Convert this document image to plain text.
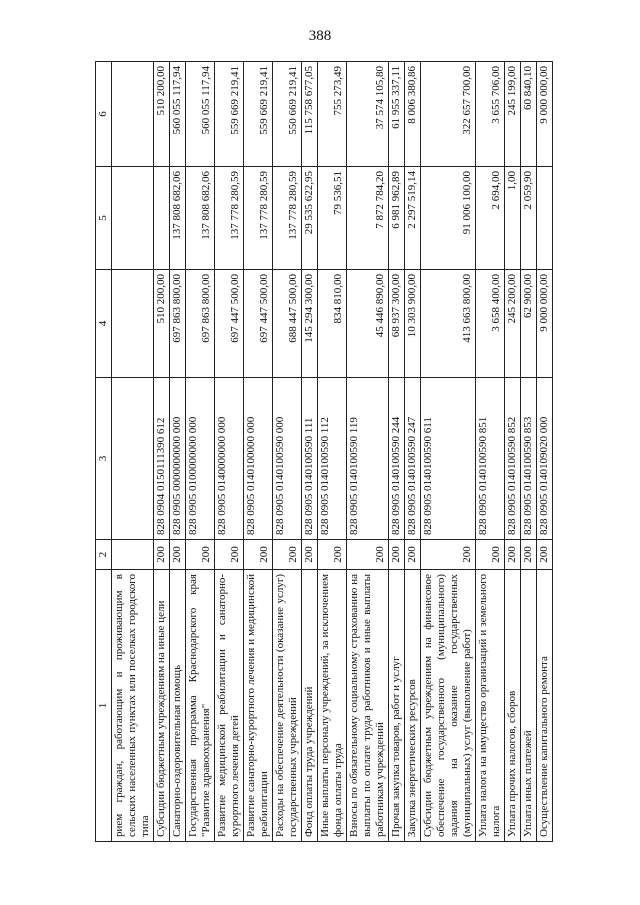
388
1	2	3	4	5	6
рием граждан, работающим и проживающим в сельских населенных пунктах или поселках городского типа					
Субсидии бюджетным учреждениям на иные цели	200	828 0904 0150111390 612	510 200,00		510 200,00
Санаторно-оздоровительная помощь	200	828 0905 0000000000 000	697 863 800,00	137 808 682,06	560 055 117,94
Государственная программа Краснодарского края "Развитие здравоохранения"	200	828 0905 0100000000 000	697 863 800,00	137 808 682,06	560 055 117,94
Развитие медицинской реабилитации и санаторно-курортного лечения детей	200	828 0905 0140000000 000	697 447 500,00	137 778 280,59	559 669 219,41
Развитие санаторно-курортного лечения и медицинской реабилитации	200	828 0905 0140100000 000	697 447 500,00	137 778 280,59	559 669 219,41
Расходы на обеспечение деятельности (оказание услуг) государственных учреждений	200	828 0905 0140100590 000	688 447 500,00	137 778 280,59	550 669 219,41
Фонд оплаты труда учреждений	200	828 0905 0140100590 111	145 294 300,00	29 535 622,95	115 758 677,05
Иные выплаты персоналу учреждений, за исключением фонда оплаты труда	200	828 0905 0140100590 112	834 810,00	79 536,51	755 273,49
Взносы по обязательному социальному страхованию на выплаты по оплате труда работников и иные выплаты работникам учреждений	200	828 0905 0140100590 119	45 446 890,00	7 872 784,20	37 574 105,80
Прочая закупка товаров, работ и услуг	200	828 0905 0140100590 244	68 937 300,00	6 981 962,89	61 955 337,11
Закупка энергетических ресурсов	200	828 0905 0140100590 247	10 303 900,00	2 297 519,14	8 006 380,86
Субсидии бюджетным учреждениям на финансовое обеспечение государственного (муниципального) задания на оказание государственных (муниципальных) услуг (выполнение работ)	200	828 0905 0140100590 611	413 663 800,00	91 006 100,00	322 657 700,00
Уплата налога на имущество организаций и земельного налога	200	828 0905 0140100590 851	3 658 400,00	2 694,00	3 655 706,00
Уплата прочих налогов, сборов	200	828 0905 0140100590 852	245 200,00	1,00	245 199,00
Уплата иных платежей	200	828 0905 0140100590 853	62 900,00	2 059,90	60 840,10
Осуществление капитального ремонта	200	828 0905 0140109020 000	9 000 000,00		9 000 000,00
